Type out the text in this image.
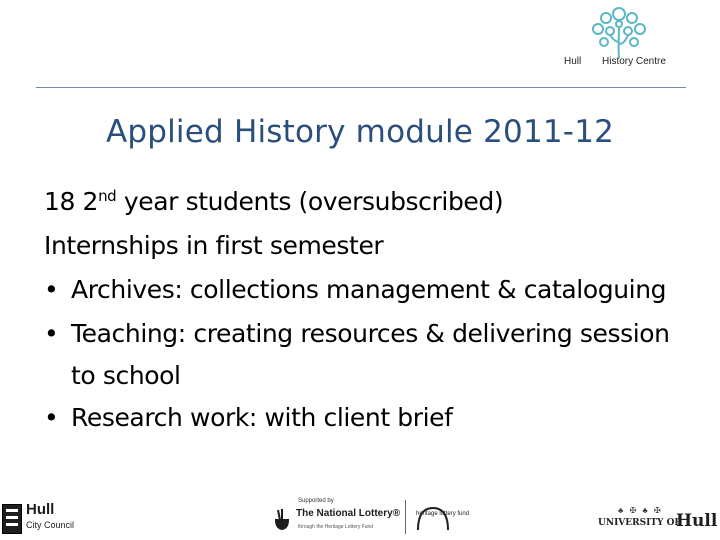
Hull History Centre
Applied History module 2011-12
18 2nd year students (oversubscribed)
Internships in first semester
• Archives: collections management & cataloguing
• Teaching: creating resources & delivering session
to school
• Research work: with client brief
Hull
City Council
Supported by
The National Lottery®
through the Heritage Lottery Fund
heritage lottery fund	♣ ✠ ♣ ✠
UNIVERSITY OF
Hull
